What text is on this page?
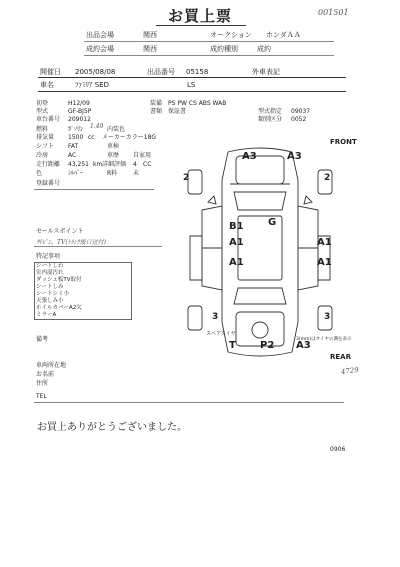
001501
お買上票
出品会場	関西	オークション ホンダＡＡ
成約会場	関西	成約種別	成約
開催日 2005/08/08	出品番号 05158	外車表記
車名	ﾌｧﾐﾘｱ SED	LS
装備 PS PW CS ABS WAB
型式指定 09037
書類 保証書
類別区分 0052
初登	H12/09
型式	GF-BJ5P
車台番号 209012
燃料	ｶﾞｿﾘﾝ 1.49 内装色
排気量 1500 cc メーカーカラー18G
シフト FAT	車検
冷房	AC	車歴 自家用
走行距離 43,251 km 詳細評価 4 CC
色	ｼﾙﾊﾞｰ	R料	未
登録番号
セールスポイント
外ﾋﾟﾝ、TV(ﾄﾗﾝｸ後日送付)
特記事項
シートしわ
室内湿汚れ
ダッシュ板TV取付
シートしみ
シートシミ小
天張しみ小
ホイルカバーA2欠
ミラーA
備考
車両所在地
お名前
住所
TEL
お買上ありがとうございました。
0906
FRONT
REAR
2	2
3	3
A3	A3
B1 G
A1
A1
A1
A1
P2 A3
スペアタイヤ
T
3(mm)はタイヤの溝を表示
4729
